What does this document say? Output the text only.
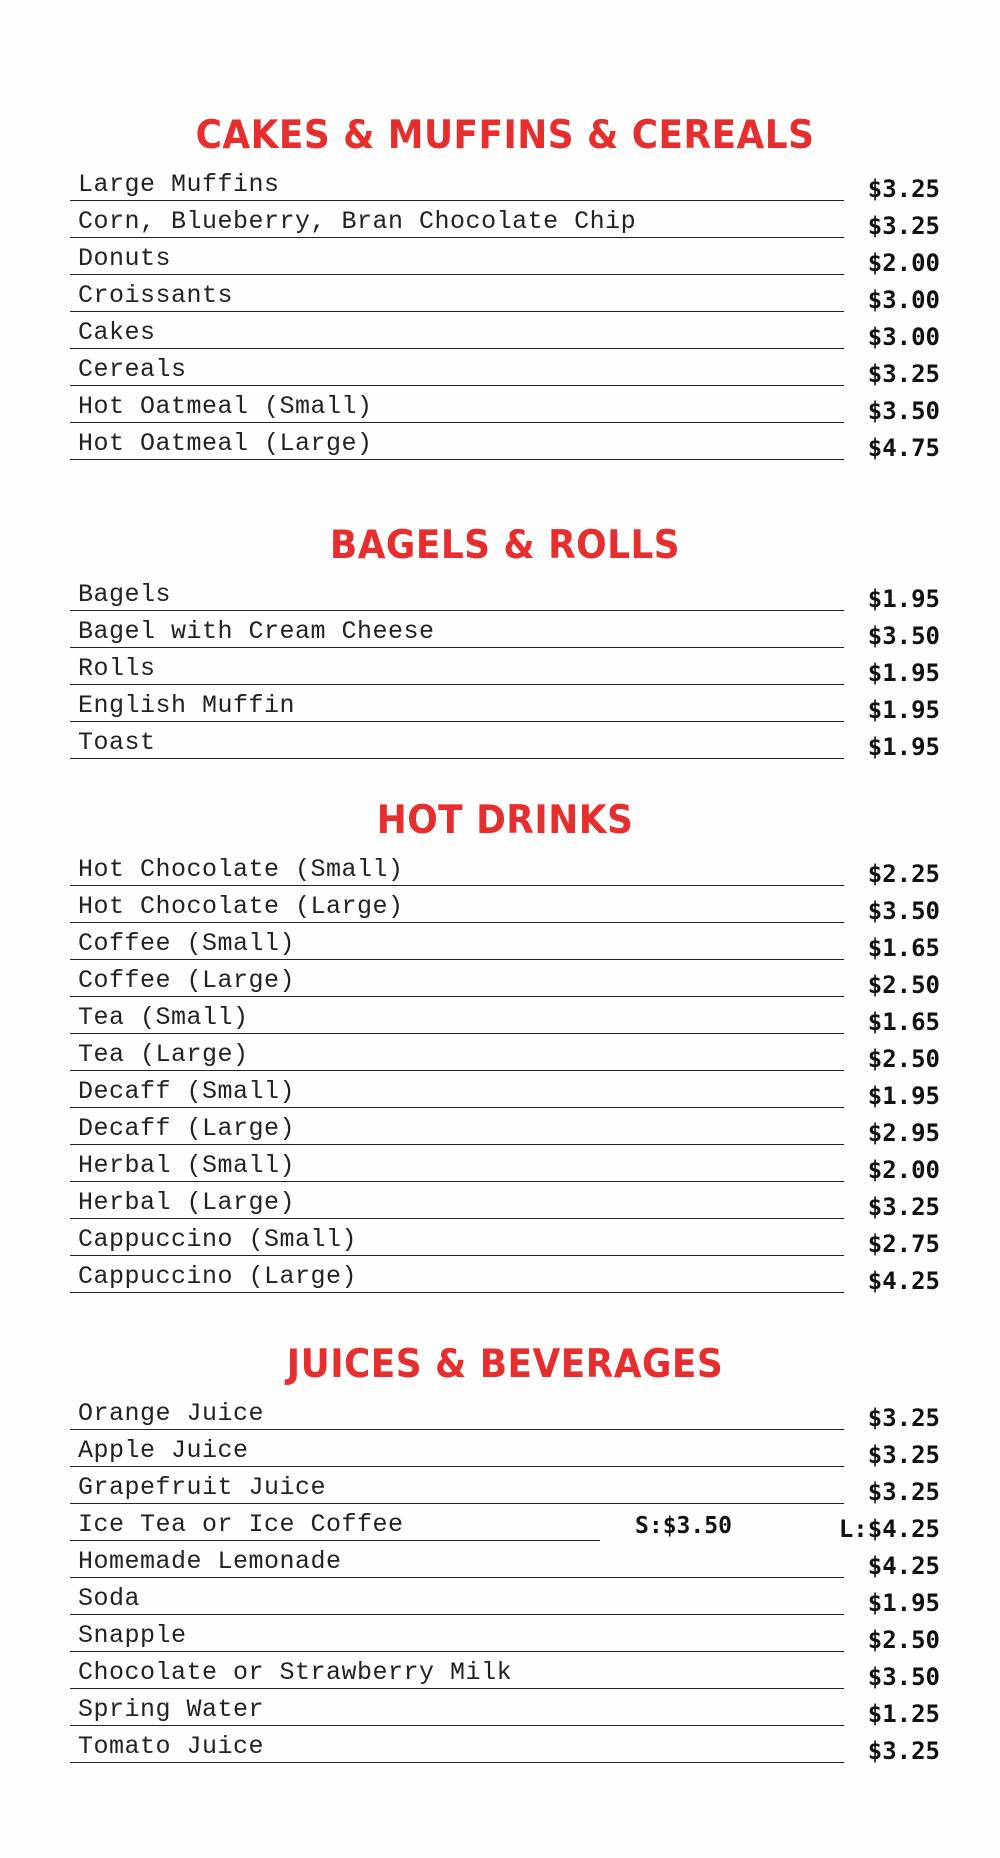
CAKES & MUFFINS & CEREALS
Large Muffins	$3.25
Corn, Blueberry, Bran Chocolate Chip	$3.25
Donuts	$2.00
Croissants	$3.00
Cakes	$3.00
Cereals	$3.25
Hot Oatmeal (Small)	$3.50
Hot Oatmeal (Large)	$4.75
BAGELS & ROLLS
Bagels	$1.95
Bagel with Cream Cheese	$3.50
Rolls	$1.95
English Muffin	$1.95
Toast	$1.95
HOT DRINKS
Hot Chocolate (Small)	$2.25
Hot Chocolate (Large)	$3.50
Coffee (Small)	$1.65
Coffee (Large)	$2.50
Tea (Small)	$1.65
Tea (Large)	$2.50
Decaff (Small)	$1.95
Decaff (Large)	$2.95
Herbal (Small)	$2.00
Herbal (Large)	$3.25
Cappuccino (Small)	$2.75
Cappuccino (Large)	$4.25
JUICES & BEVERAGES
Orange Juice	$3.25
Apple Juice	$3.25
Grapefruit Juice	$3.25
Ice Tea or Ice Coffee	S:$3.50	L:$4.25
Homemade Lemonade	$4.25
Soda	$1.95
Snapple	$2.50
Chocolate or Strawberry Milk	$3.50
Spring Water	$1.25
Tomato Juice	$3.25
